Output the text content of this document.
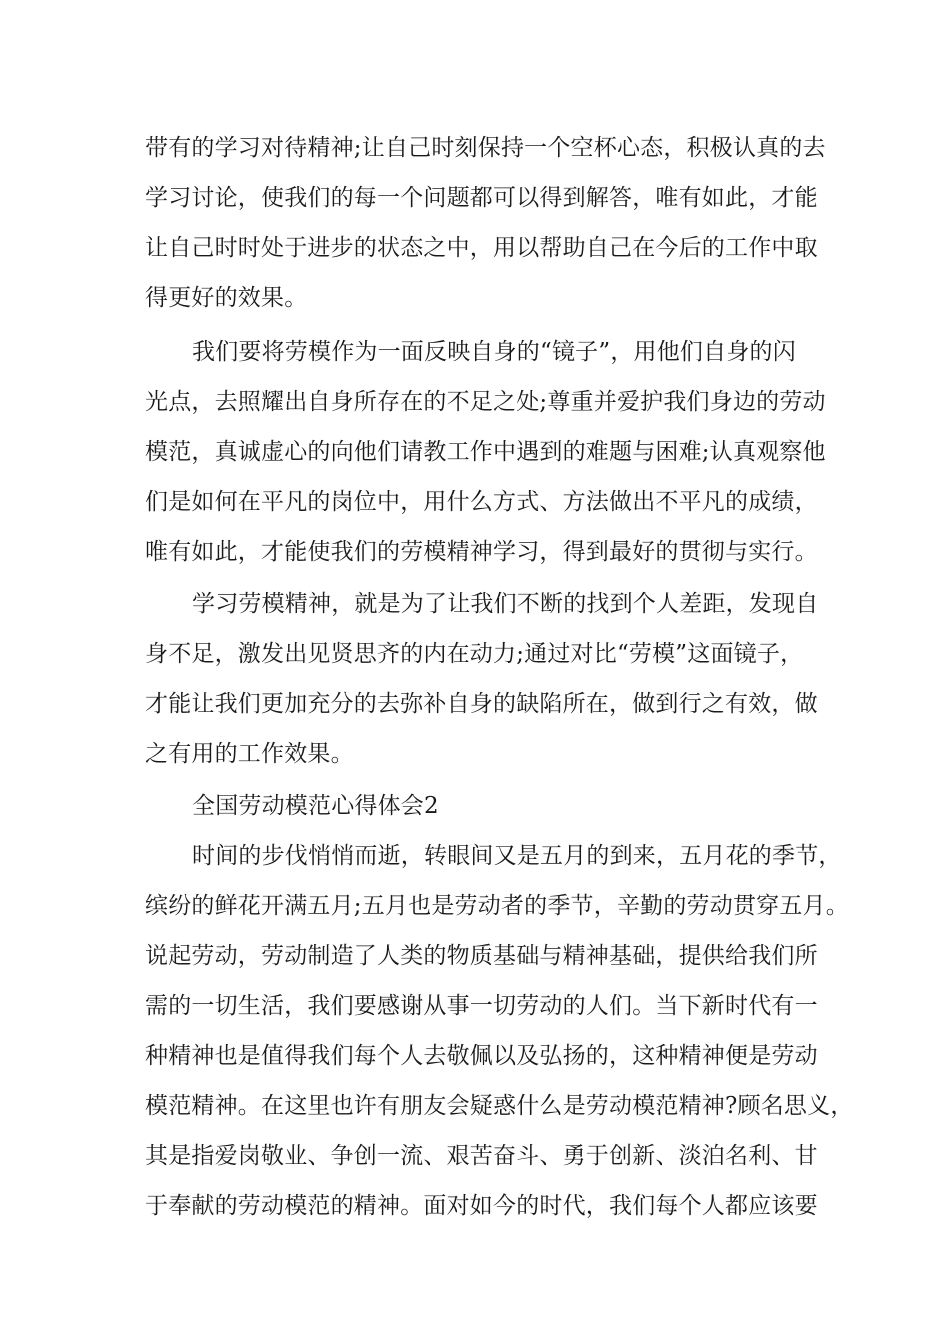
带有的学习对待精神;让自己时刻保持一个空杯心态，积极认真的去
学习讨论，使我们的每一个问题都可以得到解答，唯有如此，才能
让自己时时处于进步的状态之中，用以帮助自己在今后的工作中取
得更好的效果。
我们要将劳模作为一面反映自身的“镜子”，用他们自身的闪
光点，去照耀出自身所存在的不足之处;尊重并爱护我们身边的劳动
模范，真诚虚心的向他们请教工作中遇到的难题与困难;认真观察他
们是如何在平凡的岗位中，用什么方式、方法做出不平凡的成绩，
唯有如此，才能使我们的劳模精神学习，得到最好的贯彻与实行。
学习劳模精神，就是为了让我们不断的找到个人差距，发现自
身不足，激发出见贤思齐的内在动力;通过对比“劳模”这面镜子，
才能让我们更加充分的去弥补自身的缺陷所在，做到行之有效，做
之有用的工作效果。
全国劳动模范心得体会2
时间的步伐悄悄而逝，转眼间又是五月的到来，五月花的季节，
缤纷的鲜花开满五月;五月也是劳动者的季节，辛勤的劳动贯穿五月。
说起劳动，劳动制造了人类的物质基础与精神基础，提供给我们所
需的一切生活，我们要感谢从事一切劳动的人们。当下新时代有一
种精神也是值得我们每个人去敬佩以及弘扬的，这种精神便是劳动
模范精神。在这里也许有朋友会疑惑什么是劳动模范精神?顾名思义，
其是指爱岗敬业、争创一流、艰苦奋斗、勇于创新、淡泊名利、甘
于奉献的劳动模范的精神。面对如今的时代，我们每个人都应该要
